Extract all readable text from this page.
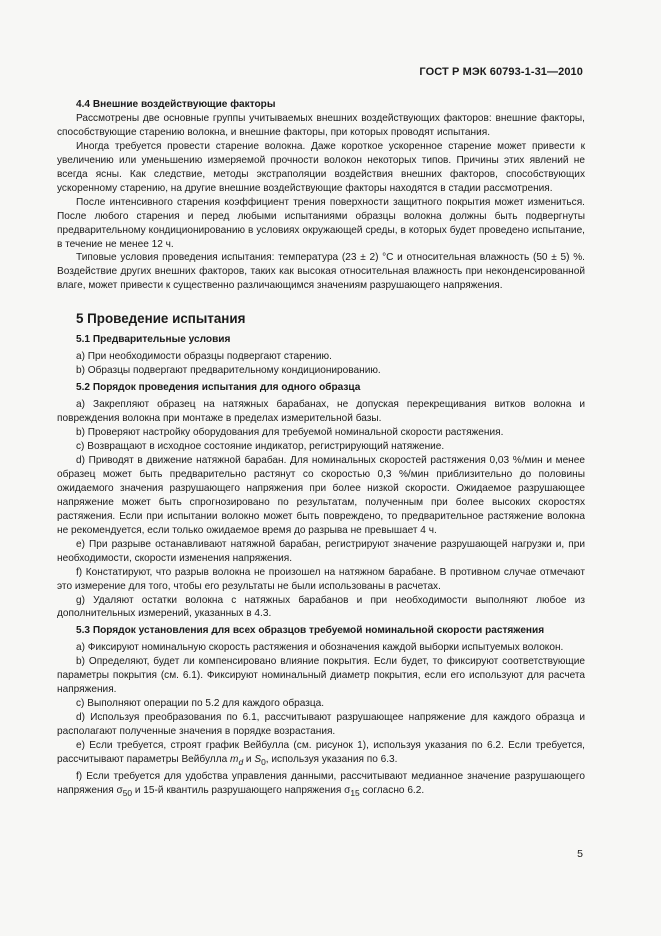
ГОСТ Р МЭК 60793-1-31—2010
4.4 Внешние воздействующие факторы

Рассмотрены две основные группы учитываемых внешних воздействующих факторов: внешние факторы, способствующие старению волокна, и внешние факторы, при которых проводят испытания.

Иногда требуется провести старение волокна. Даже короткое ускоренное старение может привести к увеличению или уменьшению измеряемой прочности волокон некоторых типов. Причины этих явлений не всегда ясны. Как следствие, методы экстраполяции воздействия внешних факторов, способствующих ускоренному старению, на другие внешние воздействующие факторы находятся в стадии рассмотрения.

После интенсивного старения коэффициент трения поверхности защитного покрытия может измениться. После любого старения и перед любыми испытаниями образцы волокна должны быть подвергнуты предварительному кондиционированию в условиях окружающей среды, в которых будет проведено испытание, в течение не менее 12 ч.

Типовые условия проведения испытания: температура (23 ± 2) °С и относительная влажность (50 ± 5) %. Воздействие других внешних факторов, таких как высокая относительная влажность при неконденсированной влаге, может привести к существенно различающимся значениям разрушающего напряжения.

5 Проведение испытания
5.1 Предварительные условия

а) При необходимости образцы подвергают старению.

b) Образцы подвергают предварительному кондиционированию.

5.2 Порядок проведения испытания для одного образца

а) Закрепляют образец на натяжных барабанах, не допуская перекрещивания витков волокна и повреждения волокна при монтаже в пределах измерительной базы.

b) Проверяют настройку оборудования для требуемой номинальной скорости растяжения.

с) Возвращают в исходное состояние индикатор, регистрирующий натяжение.

d) Приводят в движение натяжной барабан. Для номинальных скоростей растяжения 0,03 %/мин и менее образец может быть предварительно растянут со скоростью 0,3 %/мин приблизительно до половины ожидаемого значения разрушающего напряжения при более низкой скорости. Ожидаемое разрушающее напряжение может быть спрогнозировано по результатам, полученным при более высоких скоростях растяжения. Если при испытании волокно может быть повреждено, то предварительное растяжение волокна не рекомендуется, если только ожидаемое время до разрыва не превышает 4 ч.

е) При разрыве останавливают натяжной барабан, регистрируют значение разрушающей нагрузки и, при необходимости, скорости изменения напряжения.

f) Констатируют, что разрыв волокна не произошел на натяжном барабане. В противном случае отмечают это измерение для того, чтобы его результаты не были использованы в расчетах.

g) Удаляют остатки волокна с натяжных барабанов и при необходимости выполняют любое из дополнительных измерений, указанных в 4.3.

5.3 Порядок установления для всех образцов требуемой номинальной скорости растяжения

а) Фиксируют номинальную скорость растяжения и обозначения каждой выборки испытуемых волокон.

b) Определяют, будет ли компенсировано влияние покрытия. Если будет, то фиксируют соответствующие параметры покрытия (см. 6.1). Фиксируют номинальный диаметр покрытия, если его используют для расчета напряжения.

с) Выполняют операции по 5.2 для каждого образца.

d) Используя преобразования по 6.1, рассчитывают разрушающее напряжение для каждого образца и располагают полученные значения в порядке возрастания.

е) Если требуется, строят график Вейбулла (см. рисунок 1), используя указания по 6.2. Если требуется, рассчитывают параметры Вейбулла $m_d$ и $S_0$, используя указания по 6.3.

f) Если требуется для удобства управления данными, рассчитывают медианное значение разрушающего напряжения $\sigma_{50}$ и 15-й квантиль разрушающего напряжения $\sigma_{15}$ согласно 6.2.

5
